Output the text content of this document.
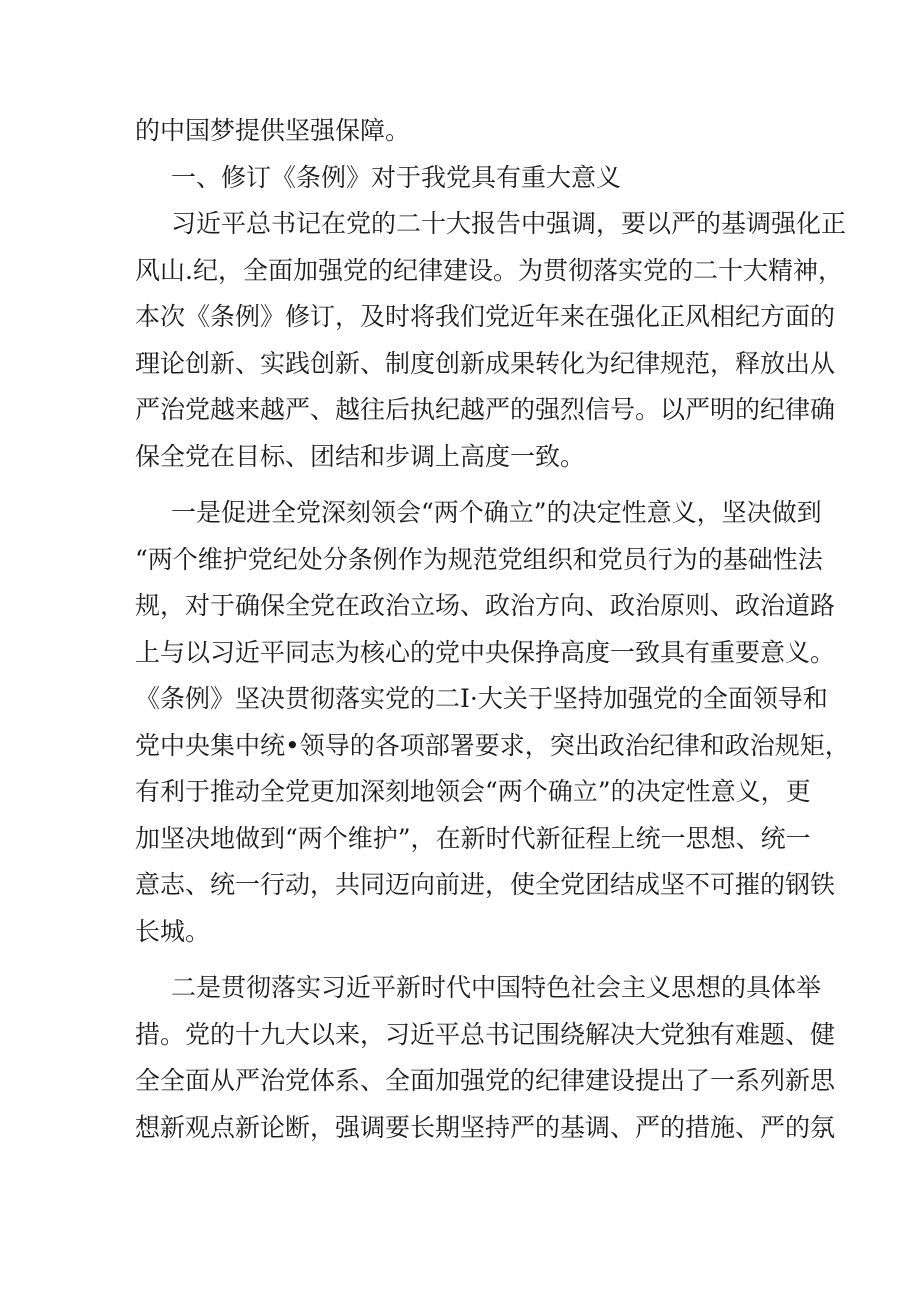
的中国梦提供坚强保障。
一、修订《条例》对于我党具有重大意义
习近平总书记在党的二十大报告中强调，要以严的基调强化正
风山.纪，全面加强党的纪律建设。为贯彻落实党的二十大精神，
本次《条例》修订，及时将我们党近年来在强化正风相纪方面的
理论创新、实践创新、制度创新成果转化为纪律规范，释放出从
严治党越来越严、越往后执纪越严的强烈信号。以严明的纪律确
保全党在目标、团结和步调上高度一致。
一是促进全党深刻领会“两个确立”的决定性意义，坚决做到
“两个维护党纪处分条例作为规范党组织和党员行为的基础性法
规，对于确保全党在政治立场、政治方向、政治原则、政治道路
上与以习近平同志为核心的党中央保挣高度一致具有重要意义。
《条例》坚决贯彻落实党的二I·大关于坚持加强党的全面领导和
党中央集中统•领导的各项部署要求，突出政治纪律和政治规矩，
有利于推动全党更加深刻地领会“两个确立”的决定性意义，更
加坚决地做到“两个维护”，在新时代新征程上统一思想、统一
意志、统一行动，共同迈向前进，使全党团结成坚不可摧的钢铁
长城。
二是贯彻落实习近平新时代中国特色社会主义思想的具体举
措。党的十九大以来，习近平总书记围绕解决大党独有难题、健
全全面从严治党体系、全面加强党的纪律建设提出了一系列新思
想新观点新论断，强调要长期坚持严的基调、严的措施、严的氛
